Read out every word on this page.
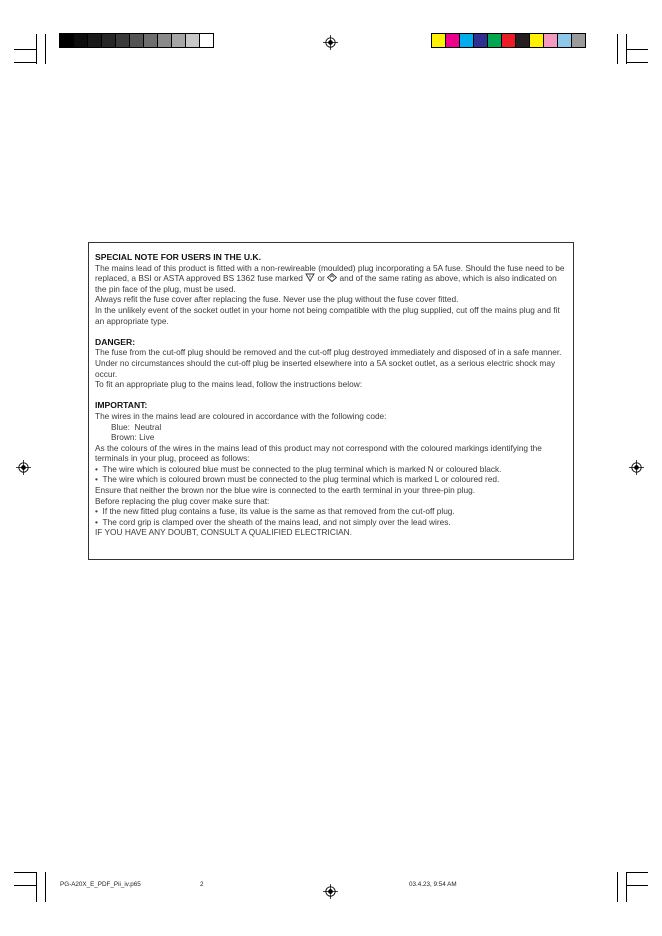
SPECIAL NOTE FOR USERS IN THE U.K.

The mains lead of this product is fitted with a non-rewireable (moulded) plug incorporating a 5A fuse. Should the fuse need to be replaced, a BSI or ASTA approved BS 1362 fuse marked A or and of the same rating as above, which is also indicated on the pin face of the plug, must be used.

Always refit the fuse cover after replacing the fuse. Never use the plug without the fuse cover fitted.

In the unlikely event of the socket outlet in your home not being compatible with the plug supplied, cut off the mains plug and fit an appropriate type.

DANGER:

The fuse from the cut-off plug should be removed and the cut-off plug destroyed immediately and disposed of in a safe manner.

Under no circumstances should the cut-off plug be inserted elsewhere into a 5A socket outlet, as a serious electric shock may occur.

To fit an appropriate plug to the mains lead, follow the instructions below:

IMPORTANT:

The wires in the mains lead are coloured in accordance with the following code:

Blue:  Neutral

Brown: Live

As the colours of the wires in the mains lead of this product may not correspond with the coloured markings identifying the terminals in your plug, proceed as follows:

• The wire which is coloured blue must be connected to the plug terminal which is marked N or coloured black.

• The wire which is coloured brown must be connected to the plug terminal which is marked L or coloured red.

Ensure that neither the brown nor the blue wire is connected to the earth terminal in your three-pin plug.

Before replacing the plug cover make sure that:

• If the new fitted plug contains a fuse, its value is the same as that removed from the cut-off plug.

• The cord grip is clamped over the sheath of the mains lead, and not simply over the lead wires.

IF YOU HAVE ANY DOUBT, CONSULT A QUALIFIED ELECTRICIAN.

PG-A20X_E_PDF_Pii_iv.p65	2	03.4.23, 9:54 AM
